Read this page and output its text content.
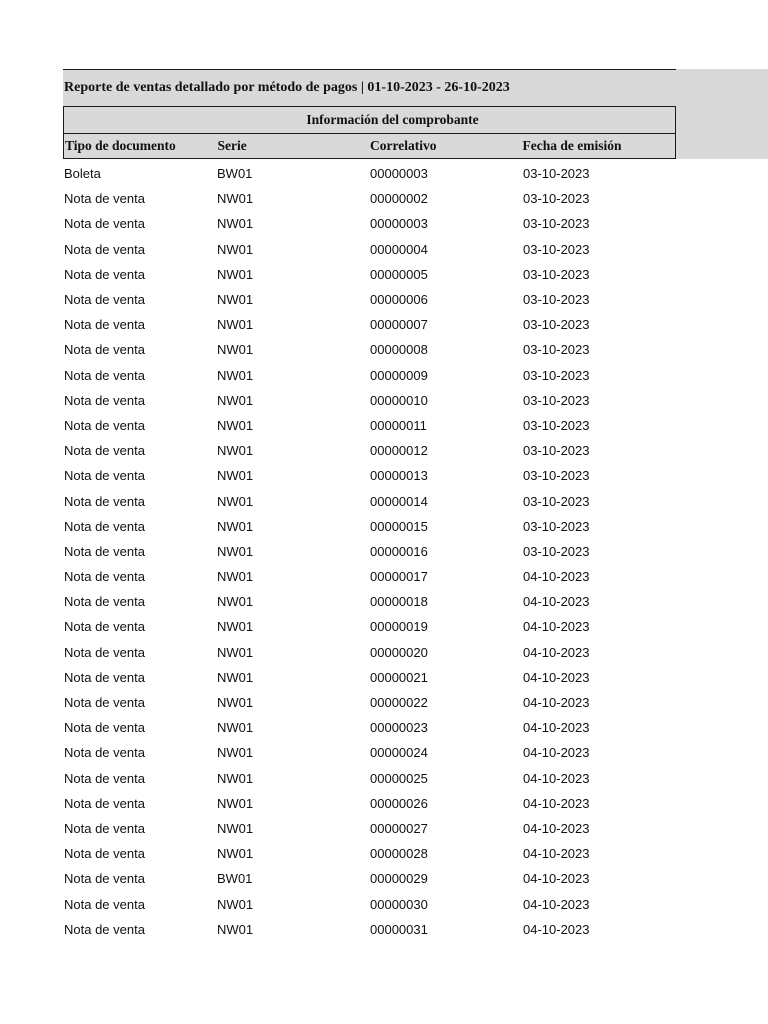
Reporte de ventas detallado por método de pagos | 01-10-2023 - 26-10-2023
Información del comprobante
Tipo de documento	Serie	Correlativo	Fecha de emisión
Boleta	BW01	00000003	03-10-2023
Nota de venta	NW01	00000002	03-10-2023
Nota de venta	NW01	00000003	03-10-2023
Nota de venta	NW01	00000004	03-10-2023
Nota de venta	NW01	00000005	03-10-2023
Nota de venta	NW01	00000006	03-10-2023
Nota de venta	NW01	00000007	03-10-2023
Nota de venta	NW01	00000008	03-10-2023
Nota de venta	NW01	00000009	03-10-2023
Nota de venta	NW01	00000010	03-10-2023
Nota de venta	NW01	00000011	03-10-2023
Nota de venta	NW01	00000012	03-10-2023
Nota de venta	NW01	00000013	03-10-2023
Nota de venta	NW01	00000014	03-10-2023
Nota de venta	NW01	00000015	03-10-2023
Nota de venta	NW01	00000016	03-10-2023
Nota de venta	NW01	00000017	04-10-2023
Nota de venta	NW01	00000018	04-10-2023
Nota de venta	NW01	00000019	04-10-2023
Nota de venta	NW01	00000020	04-10-2023
Nota de venta	NW01	00000021	04-10-2023
Nota de venta	NW01	00000022	04-10-2023
Nota de venta	NW01	00000023	04-10-2023
Nota de venta	NW01	00000024	04-10-2023
Nota de venta	NW01	00000025	04-10-2023
Nota de venta	NW01	00000026	04-10-2023
Nota de venta	NW01	00000027	04-10-2023
Nota de venta	NW01	00000028	04-10-2023
Nota de venta	BW01	00000029	04-10-2023
Nota de venta	NW01	00000030	04-10-2023
Nota de venta	NW01	00000031	04-10-2023
